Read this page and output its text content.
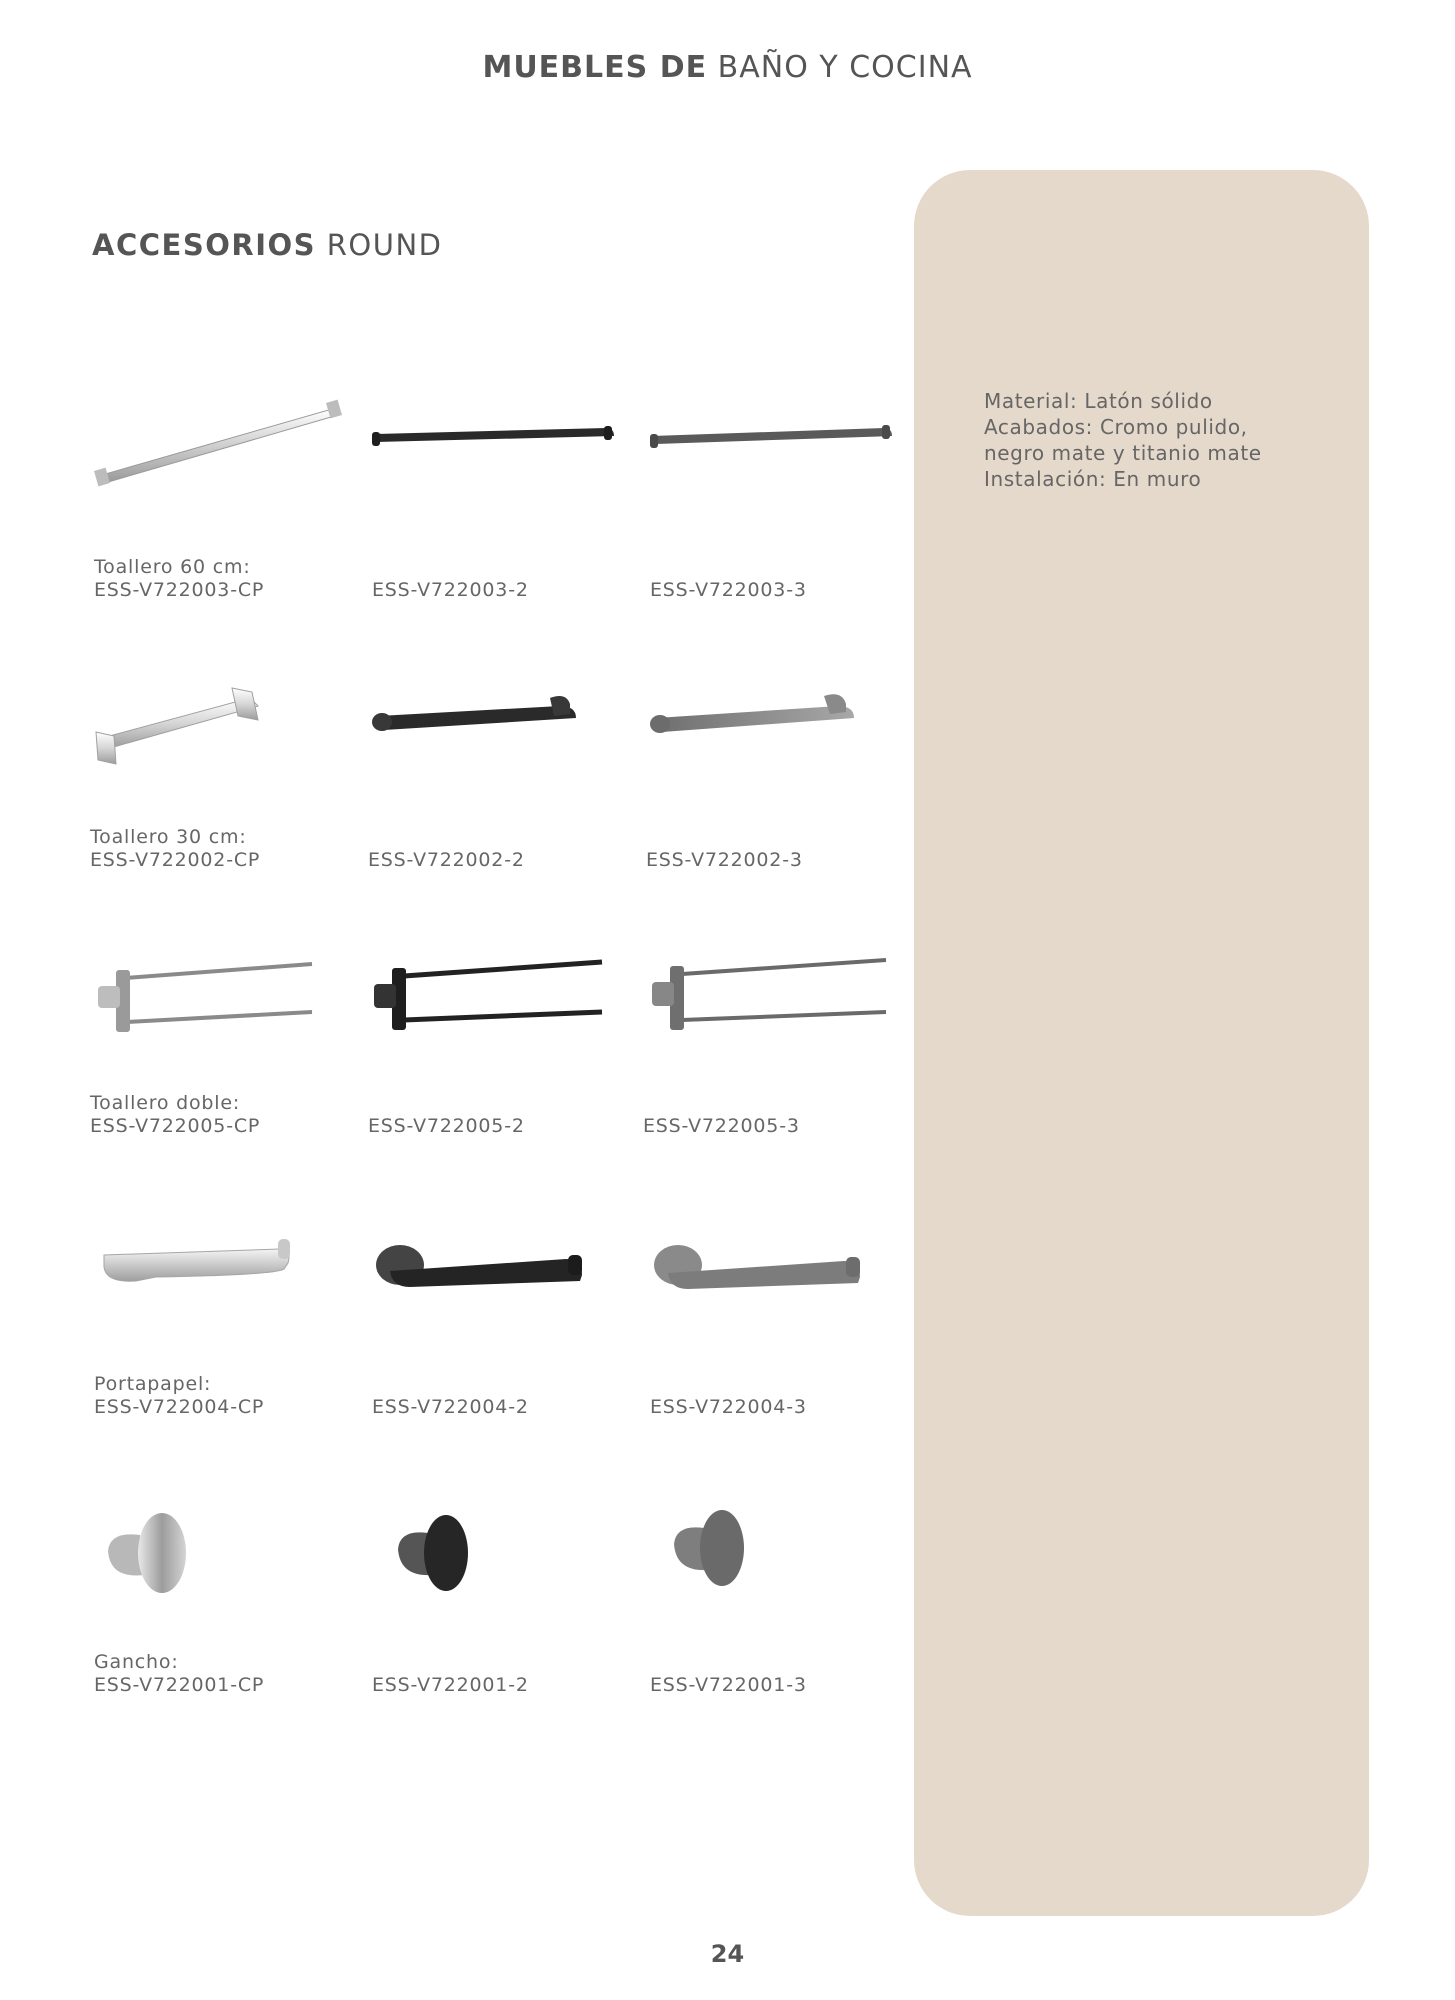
MUEBLES DE BAÑO Y COCINA
ACCESORIOS ROUND
Material: Latón sólido
Acabados: Cromo pulido,
negro mate y titanio mate
Instalación: En muro
Toallero 60 cm:
ESS-V722003-CP	ESS-V722003-2	ESS-V722003-3
Toallero 30 cm:
ESS-V722002-CP	ESS-V722002-2	ESS-V722002-3
Toallero doble:
ESS-V722005-CP	ESS-V722005-2	ESS-V722005-3
Portapapel:
ESS-V722004-CP	ESS-V722004-2	ESS-V722004-3
Gancho:
ESS-V722001-CP	ESS-V722001-2	ESS-V722001-3
24
